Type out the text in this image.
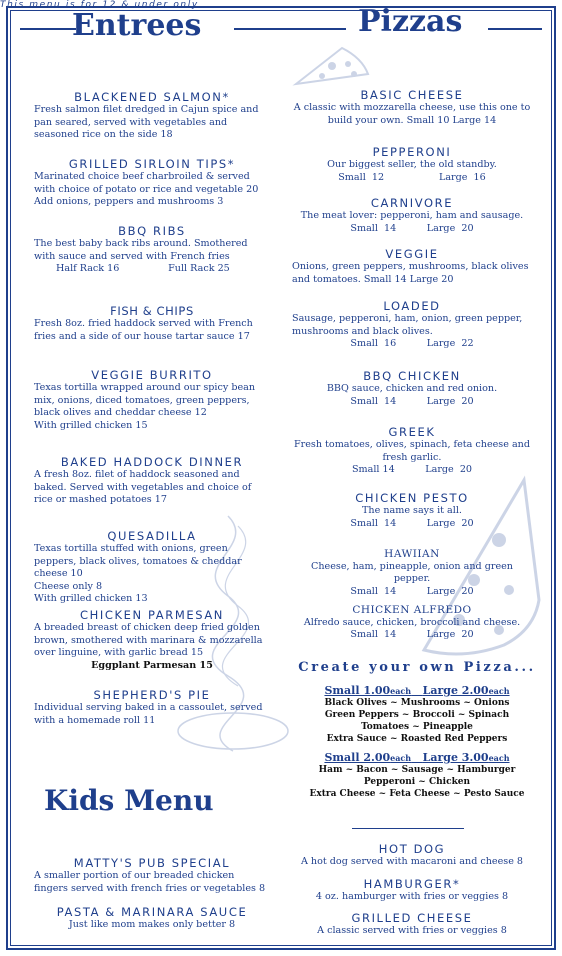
Entrees	Pizzas
BLACKENED SALMON*
Fresh salmon filet dredged in Cajun spice and pan seared, served with vegetables and seasoned rice on the side 18
GRILLED SIRLOIN TIPS*
Marinated choice beef charbroiled & served with choice of potato or rice and vegetable 20
Add onions, peppers and mushrooms 3
BBQ RIBS
The best baby back ribs around. Smothered with sauce and served with French fries
Half Rack 16                Full Rack 25
FISH & CHIPS
Fresh 8oz. fried haddock served with French fries and a side of our house tartar sauce 17
VEGGIE BURRITO
Texas tortilla wrapped around our spicy bean mix, onions, diced tomatoes, green peppers, black olives and cheddar cheese 12
With grilled chicken 15
BAKED HADDOCK DINNER
A fresh 8oz. filet of haddock seasoned and baked. Served with vegetables and choice of rice or mashed potatoes 17
QUESADILLA
Texas tortilla stuffed with onions, green peppers, black olives, tomatoes & cheddar cheese 10
Cheese only 8
With grilled chicken 13
CHICKEN PARMESAN
A breaded breast of chicken deep fried golden brown, smothered with marinara & mozzarella over linguine, with garlic bread 15
Eggplant Parmesan 15
SHEPHERD'S PIE
Individual serving baked in a cassoulet, served with a homemade roll 11
BASIC CHEESE
A classic with mozzarella cheese, use this one to build your own. Small 10 Large 14
PEPPERONI
Our biggest seller, the old standby.
Small  12                  Large  16
CARNIVORE
The meat lover: pepperoni, ham and sausage.
Small  14          Large  20
VEGGIE
Onions, green peppers, mushrooms, black olives and tomatoes. Small 14 Large 20
LOADED
Sausage, pepperoni, ham, onion, green pepper, mushrooms and black olives.
Small  16          Large  22
BBQ CHICKEN
BBQ sauce, chicken and red onion.
Small  14          Large  20
GREEK
Fresh tomatoes, olives, spinach, feta cheese and fresh garlic.
Small 14          Large  20
CHICKEN PESTO
The name says it all.
Small  14          Large  20
HAWIIAN
Cheese, ham, pineapple, onion and green pepper.
Small  14          Large  20
CHICKEN ALFREDO
Alfredo sauce, chicken, broccoli and cheese.
Small  14          Large  20
Create your own Pizza...
Small 1.00each Large 2.00each
Black Olives ~ Mushrooms ~ Onions
Green Peppers ~ Broccoli ~ Spinach
Tomatoes ~ Pineapple
Extra Sauce ~ Roasted Red Peppers
Small 2.00each Large 3.00each
Ham ~ Bacon ~ Sausage ~ Hamburger
Pepperoni ~ Chicken
Extra Cheese ~ Feta Cheese ~ Pesto Sauce
Kids Menu
This menu is for 12 & under only
MATTY'S PUB SPECIAL
A smaller portion of our breaded chicken fingers served with french fries or vegetables 8
PASTA & MARINARA SAUCE
Just like mom makes only better 8
HOT DOG
A hot dog served with macaroni and cheese 8
HAMBURGER*
4 oz. hamburger with fries or veggies 8
GRILLED CHEESE
A classic served with fries or veggies 8
